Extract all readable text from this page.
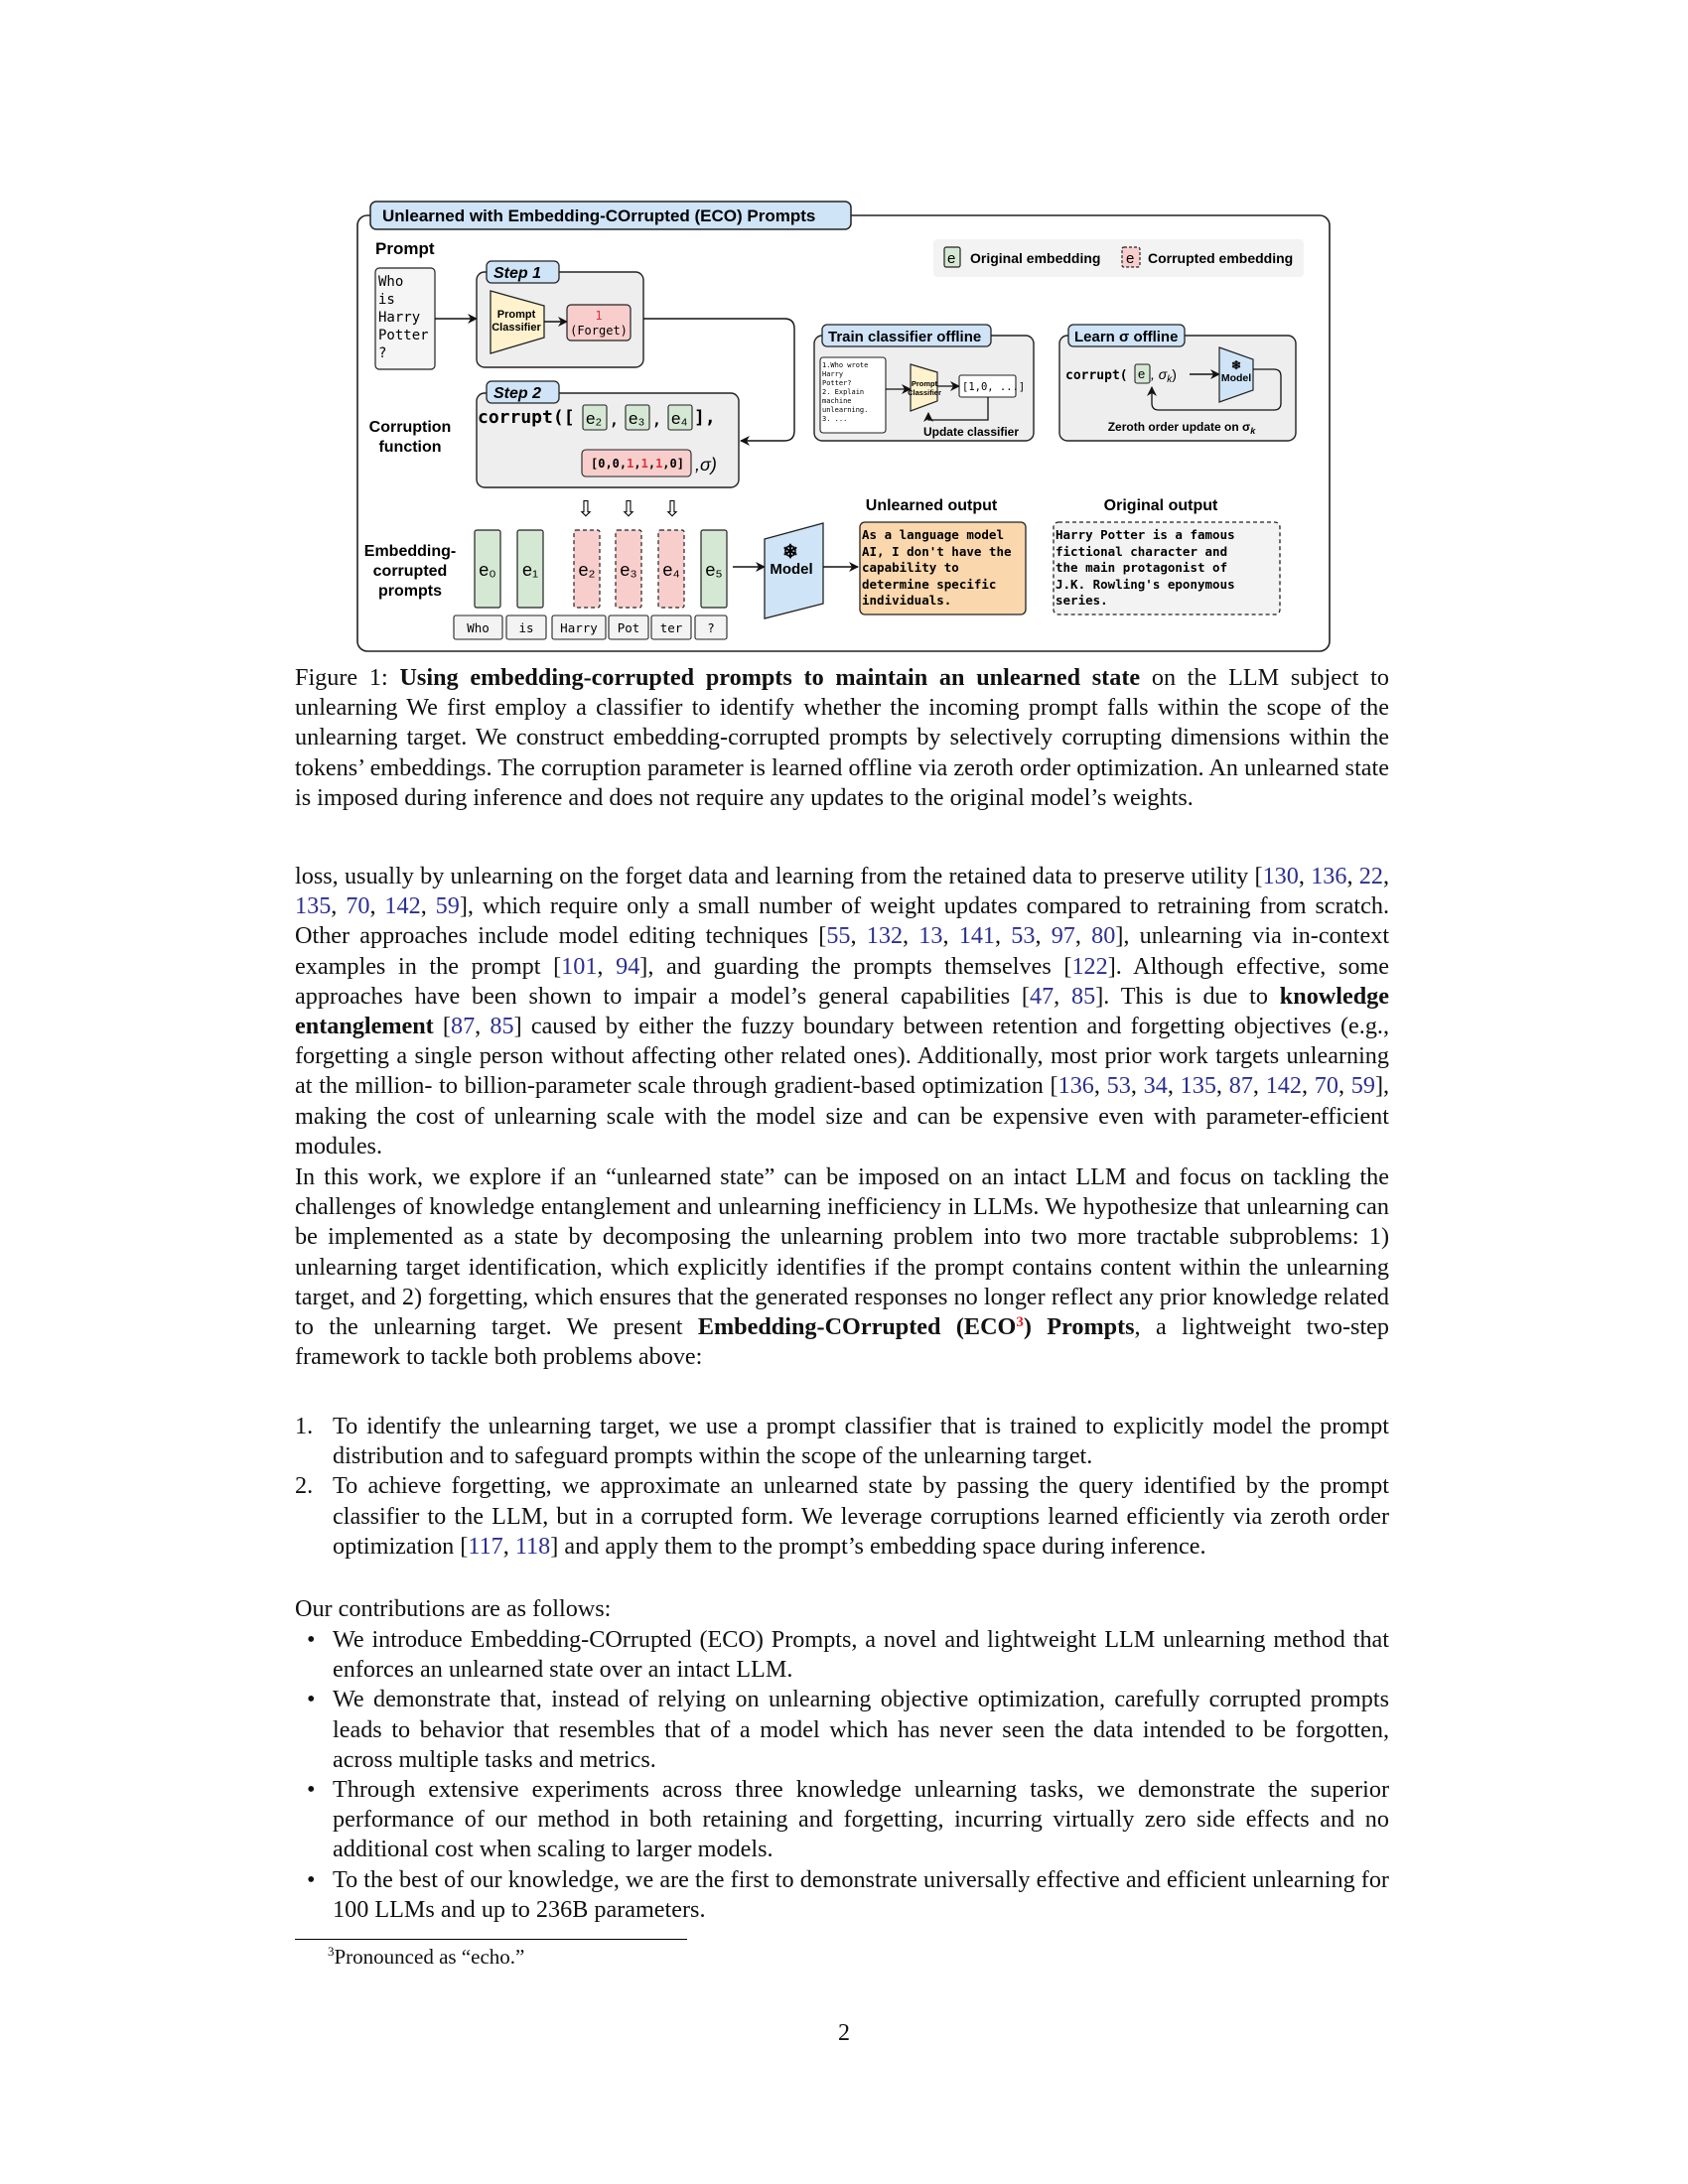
Unlearned with Embedding-COrrupted (ECO) Prompts
e Original embedding e Corrupted embedding
Prompt
Who
is
Harry
Potter
?
Step 1
Prompt
Classifier
1
(Forget)
Corruption
function
Step 2
corrupt([ e₂ , e₃ , e₄ ],
[0,0,1,1,1,0] ,σ)
⇩ ⇩ ⇩
Embedding-
corrupted
prompts
e₀
Who
e₁
is
e₂
Harry
e₃
Pot
e₄
ter
e₅
?
❄
Model
Unlearned output
As a language model
AI, I don't have the
capability to
determine specific
individuals.
Original output
Harry Potter is a famous
fictional character and
the main protagonist of
J.K. Rowling's eponymous
series.
Train classifier offline
1.Who wrote
Harry
Potter?
2. Explain
machine
unlearning.
3. ...
Prompt
Classifier [1,0, ...]
Update classifier
Learn σ offline
corrupt( e , $\sigma_k$)
❄
Model
Zeroth order update on $\sigma_k$
Figure 1: Using embedding-corrupted prompts to maintain an unlearned state on the LLM subject to unlearning We first employ a classifier to identify whether the incoming prompt falls within the scope of the unlearning target. We construct embedding-corrupted prompts by selectively corrupting dimensions within the tokens’ embeddings. The corruption parameter is learned offline via zeroth order optimization. An unlearned state is imposed during inference and does not require any updates to the original model’s weights.
loss, usually by unlearning on the forget data and learning from the retained data to preserve utility [130, 136, 22, 135, 70, 142, 59], which require only a small number of weight updates compared to retraining from scratch. Other approaches include model editing techniques [55, 132, 13, 141, 53, 97, 80], unlearning via in-context examples in the prompt [101, 94], and guarding the prompts themselves [122]. Although effective, some approaches have been shown to impair a model’s general capabilities [47, 85]. This is due to knowledge entanglement [87, 85] caused by either the fuzzy boundary between retention and forgetting objectives (e.g., forgetting a single person without affecting other related ones). Additionally, most prior work targets unlearning at the million- to billion-parameter scale through gradient-based optimization [136, 53, 34, 135, 87, 142, 70, 59], making the cost of unlearning scale with the model size and can be expensive even with parameter-efficient modules.
In this work, we explore if an “unlearned state” can be imposed on an intact LLM and focus on tackling the challenges of knowledge entanglement and unlearning inefficiency in LLMs. We hypothesize that unlearning can be implemented as a state by decomposing the unlearning problem into two more tractable subproblems: 1) unlearning target identification, which explicitly identifies if the prompt contains content within the unlearning target, and 2) forgetting, which ensures that the generated responses no longer reflect any prior knowledge related to the unlearning target. We present Embedding-COrrupted (ECO$^3$) Prompts, a lightweight two-step framework to tackle both problems above:
1. To identify the unlearning target, we use a prompt classifier that is trained to explicitly model the prompt distribution and to safeguard prompts within the scope of the unlearning target.
2. To achieve forgetting, we approximate an unlearned state by passing the query identified by the prompt classifier to the LLM, but in a corrupted form. We leverage corruptions learned efficiently via zeroth order optimization [117, 118] and apply them to the prompt’s embedding space during inference.
Our contributions are as follows:
• We introduce Embedding-COrrupted (ECO) Prompts, a novel and lightweight LLM unlearning method that enforces an unlearned state over an intact LLM.
• We demonstrate that, instead of relying on unlearning objective optimization, carefully corrupted prompts leads to behavior that resembles that of a model which has never seen the data intended to be forgotten, across multiple tasks and metrics.
• Through extensive experiments across three knowledge unlearning tasks, we demonstrate the superior performance of our method in both retaining and forgetting, incurring virtually zero side effects and no additional cost when scaling to larger models.
• To the best of our knowledge, we are the first to demonstrate universally effective and efficient unlearning for 100 LLMs and up to 236B parameters.
$^3$Pronounced as “echo.”
2
